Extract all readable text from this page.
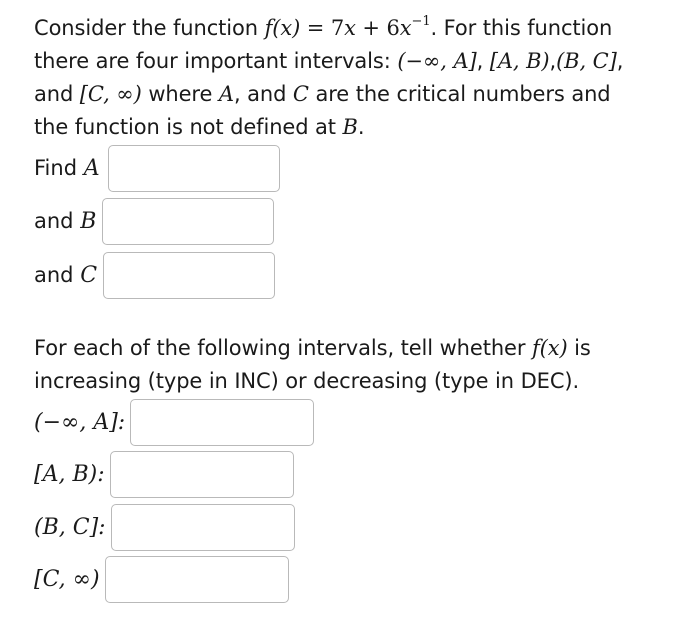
Consider the function $f(x) = 7x + 6x^{-1}$. For this function
there are four important intervals: (−∞, A], [A, B),(B, C],
and [C, ∞) where A, and C are the critical numbers and
the function is not defined at B.
Find A
and B
and C
For each of the following intervals, tell whether f(x) is
increasing (type in INC) or decreasing (type in DEC).
(−∞, A]:
[A, B):
(B, C]:
[C, ∞)
